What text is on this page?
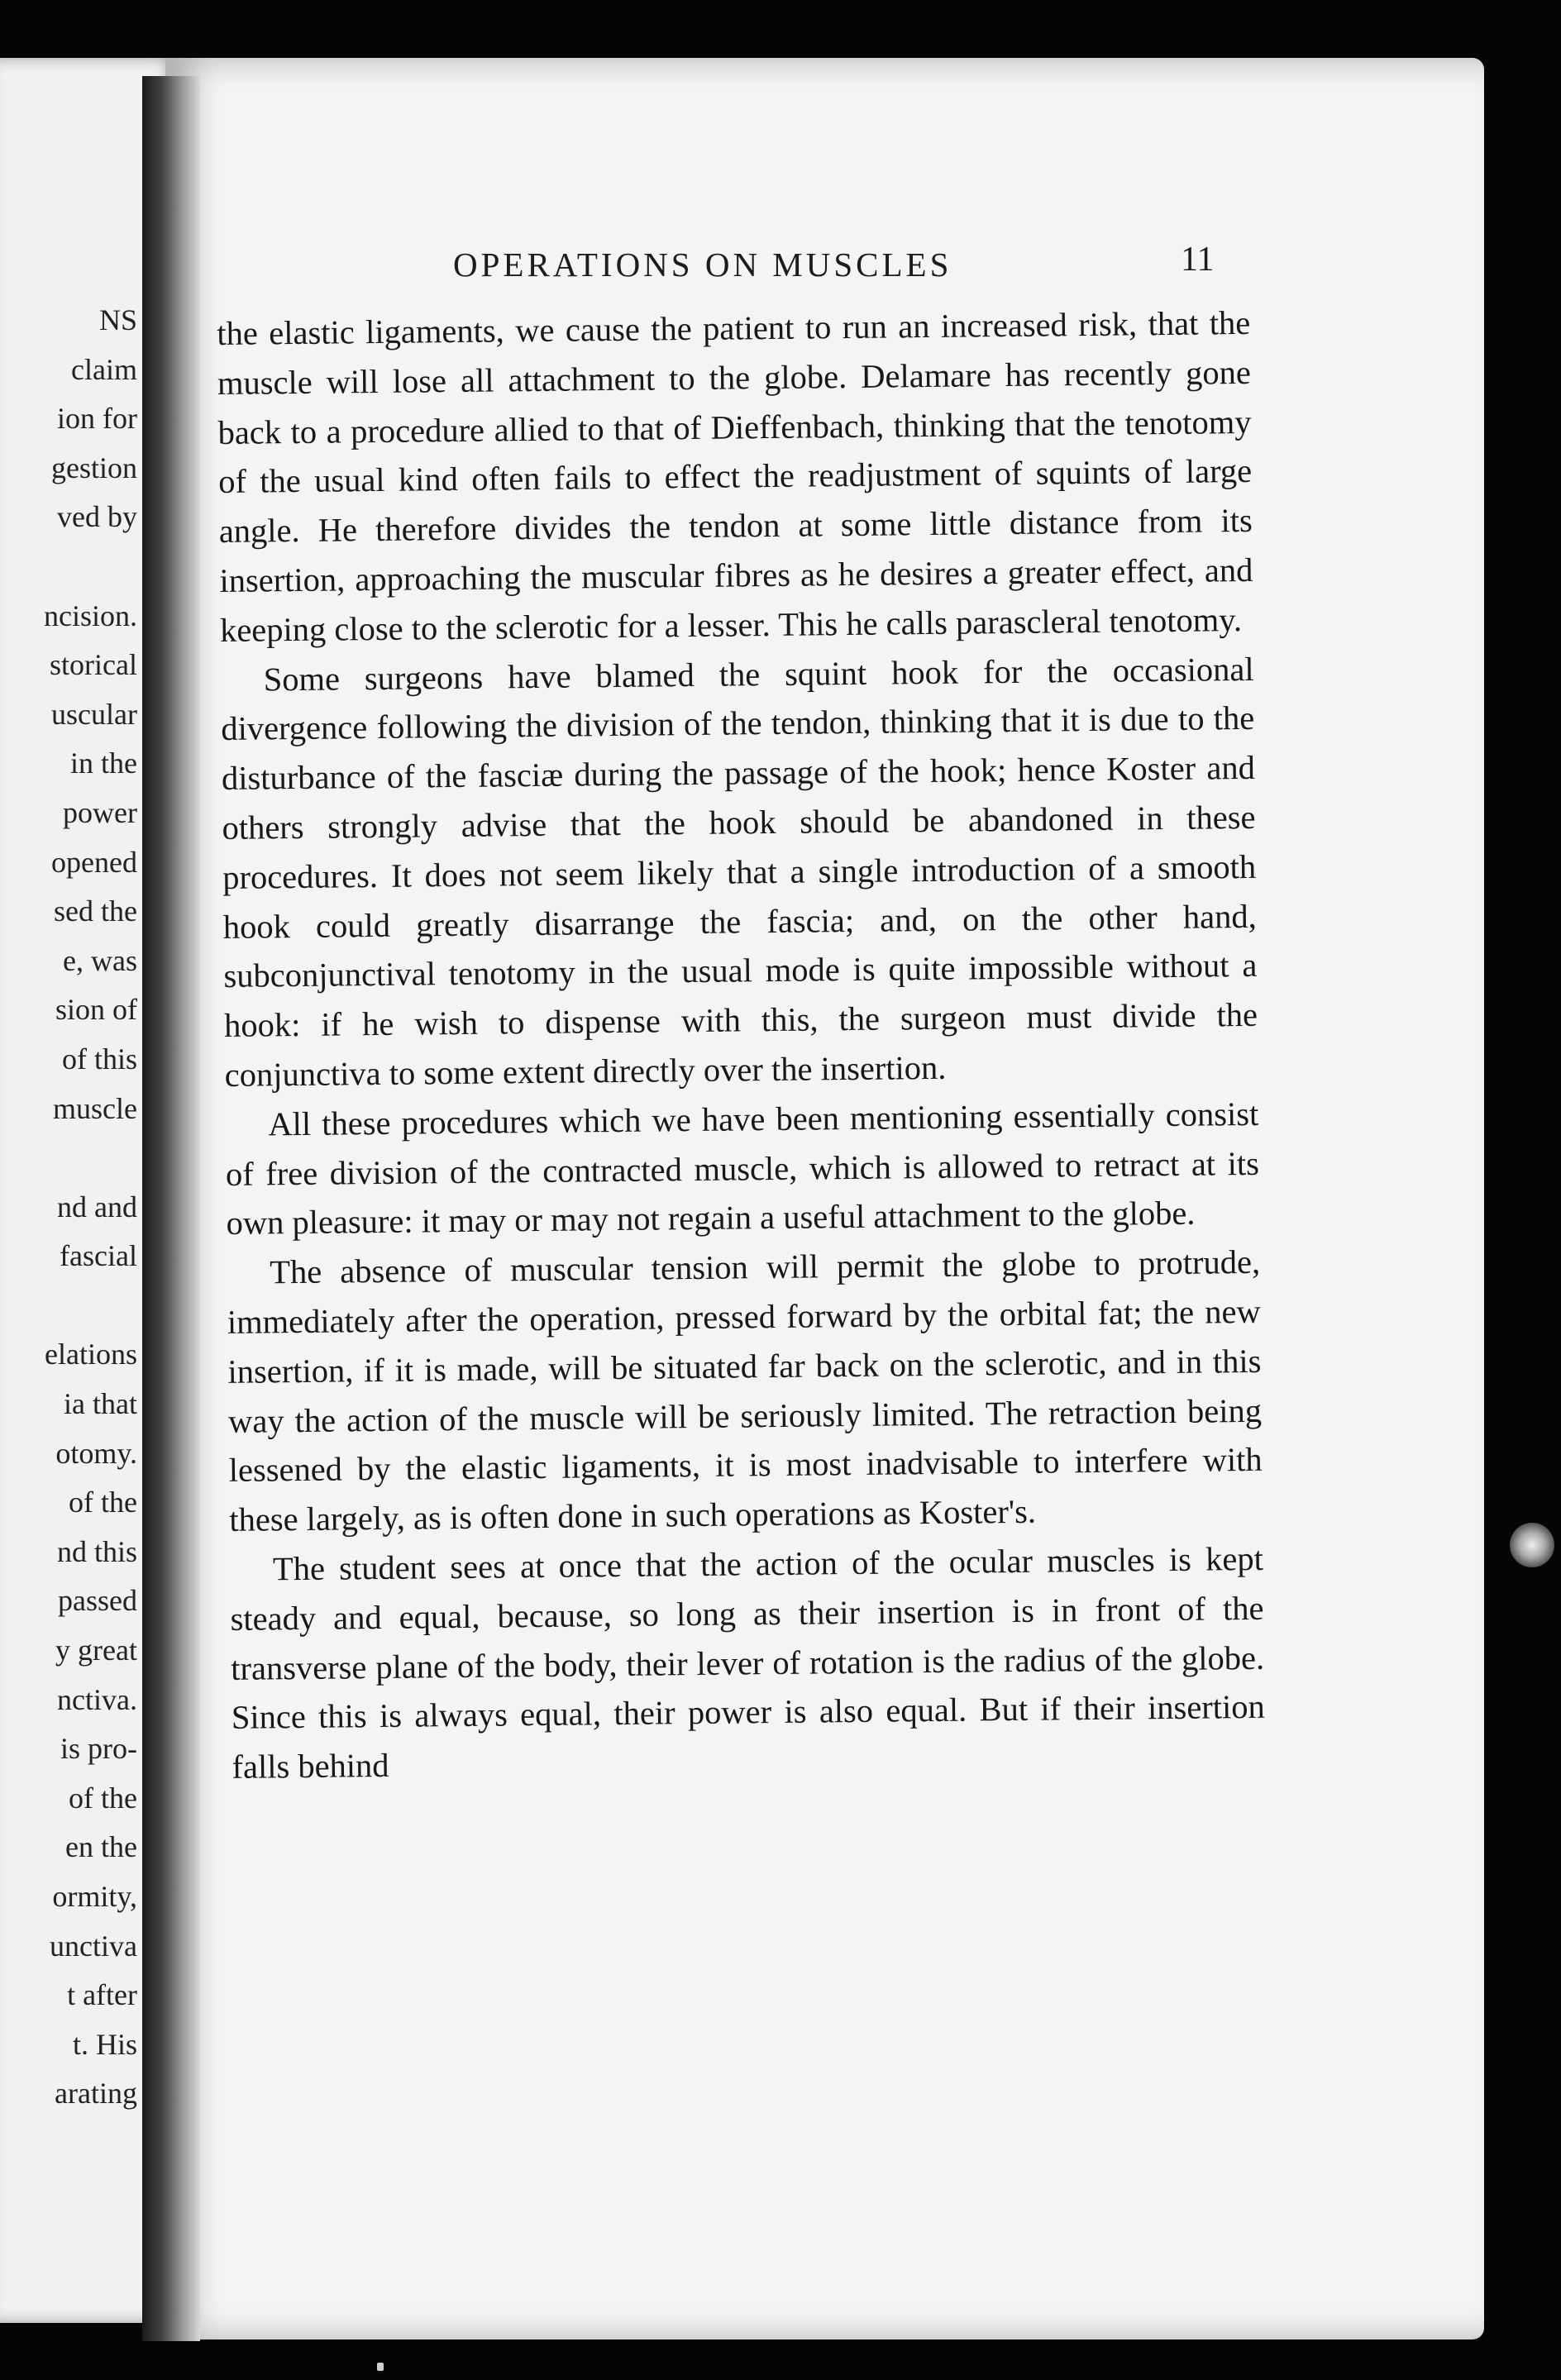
NS
claim
ion for
gestion
ved by

ncision.
storical
uscular
in the
power
opened
sed the
e, was
sion of
of this
muscle

nd and
fascial

elations
ia that
otomy.
of the
nd this
passed
y great
nctiva.
is pro-
of the
en the
ormity,
unctiva
t after
t. His
arating
OPERATIONS ON MUSCLES	11

the elastic ligaments, we cause the patient to run an increased risk, that the muscle will lose all attachment to the globe. Delamare has recently gone back to a procedure allied to that of Dieffenbach, thinking that the tenotomy of the usual kind often fails to effect the readjustment of squints of large angle. He therefore divides the tendon at some little distance from its insertion, approaching the muscular fibres as he desires a greater effect, and keeping close to the sclerotic for a lesser. This he calls parascleral tenotomy.

Some surgeons have blamed the squint hook for the occasional divergence following the division of the tendon, thinking that it is due to the disturbance of the fasciæ during the passage of the hook; hence Koster and others strongly advise that the hook should be abandoned in these procedures. It does not seem likely that a single introduction of a smooth hook could greatly disarrange the fascia; and, on the other hand, subconjunctival tenotomy in the usual mode is quite impossible without a hook: if he wish to dispense with this, the surgeon must divide the conjunctiva to some extent directly over the insertion.

All these procedures which we have been mentioning essentially consist of free division of the contracted muscle, which is allowed to retract at its own pleasure: it may or may not regain a useful attachment to the globe.

The absence of muscular tension will permit the globe to protrude, immediately after the operation, pressed forward by the orbital fat; the new insertion, if it is made, will be situated far back on the sclerotic, and in this way the action of the muscle will be seriously limited. The retraction being lessened by the elastic ligaments, it is most inadvisable to interfere with these largely, as is often done in such operations as Koster's.

The student sees at once that the action of the ocular muscles is kept steady and equal, because, so long as their insertion is in front of the transverse plane of the body, their lever of rotation is the radius of the globe. Since this is always equal, their power is also equal. But if their insertion falls behind
